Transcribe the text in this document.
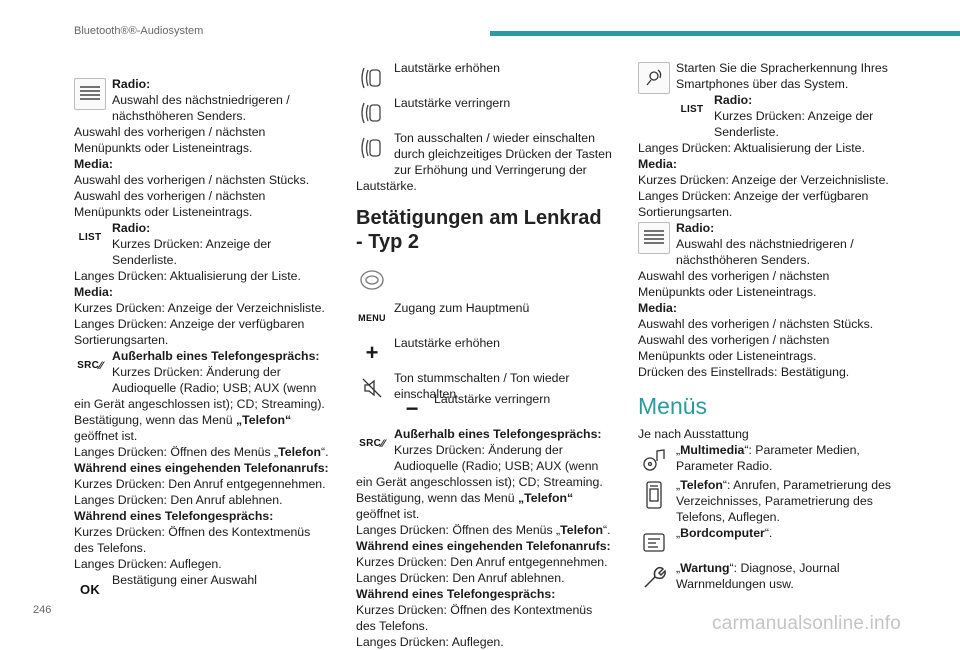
Bluetooth®®-Audiosystem

Radio:

Auswahl des nächstniedrigeren / nächsthöheren Senders.

Auswahl des vorherigen / nächsten Menüpunkts oder Listeneintrags.

Media:

Auswahl des vorherigen / nächsten Stücks.

Auswahl des vorherigen / nächsten Menüpunkts oder Listeneintrags.

LIST

Radio:

Kurzes Drücken: Anzeige der Senderliste.

Langes Drücken: Aktualisierung der Liste.

Media:

Kurzes Drücken: Anzeige der Verzeichnisliste.

Langes Drücken: Anzeige der verfügbaren Sortierungsarten.

SRC ⁄⁄

Außerhalb eines Telefongesprächs:

Kurzes Drücken: Änderung der Audioquelle (Radio; USB; AUX (wenn ein Gerät angeschlossen ist); CD; Streaming). Bestätigung, wenn das Menü „Telefon“ geöffnet ist.

Langes Drücken: Öffnen des Menüs „Telefon“.

Während eines eingehenden Telefonanrufs:

Kurzes Drücken: Den Anruf entgegennehmen.

Langes Drücken: Den Anruf ablehnen.

Während eines Telefongesprächs:

Kurzes Drücken: Öffnen des Kontextmenüs des Telefons.

Langes Drücken: Auflegen.

OK

Bestätigung einer Auswahl

Lautstärke erhöhen

Lautstärke verringern

Ton ausschalten / wieder einschalten durch gleichzeitiges Drücken der Tasten zur Erhöhung und Verringerung der Lautstärke.

Betätigungen am Lenkrad - Typ 2
MENU

Zugang zum Hauptmenü

+	Lautstärke erhöhen

Ton stummschalten / Ton wieder einschalten

−	Lautstärke verringern

SRC ⁄⁄

Außerhalb eines Telefongesprächs:

Kurzes Drücken: Änderung der Audioquelle (Radio; USB; AUX (wenn ein Gerät angeschlossen ist); CD; Streaming. Bestätigung, wenn das Menü „Telefon“ geöffnet ist.

Langes Drücken: Öffnen des Menüs „Telefon“.

Während eines eingehenden Telefonanrufs:

Kurzes Drücken: Den Anruf entgegennehmen.

Langes Drücken: Den Anruf ablehnen.

Während eines Telefongesprächs:

Kurzes Drücken: Öffnen des Kontextmenüs des Telefons.

Langes Drücken: Auflegen.

Starten Sie die Spracherkennung Ihres Smartphones über das System.

LIST

Radio:

Kurzes Drücken: Anzeige der Senderliste.

Langes Drücken: Aktualisierung der Liste.

Media:

Kurzes Drücken: Anzeige der Verzeichnisliste.

Langes Drücken: Anzeige der verfügbaren Sortierungsarten.

Radio:

Auswahl des nächstniedrigeren / nächsthöheren Senders.

Auswahl des vorherigen / nächsten Menüpunkts oder Listeneintrags.

Media:

Auswahl des vorherigen / nächsten Stücks.

Auswahl des vorherigen / nächsten Menüpunkts oder Listeneintrags.

Drücken des Einstellrads: Bestätigung.

Menüs

Je nach Ausstattung

„Multimedia“: Parameter Medien, Parameter Radio.

„Telefon“: Anrufen, Parametrierung des Verzeichnisses, Parametrierung des Telefons, Auflegen.

„Bordcomputer“.

„Wartung“: Diagnose, Journal Warnmeldungen usw.

246
carmanualsonline.info
